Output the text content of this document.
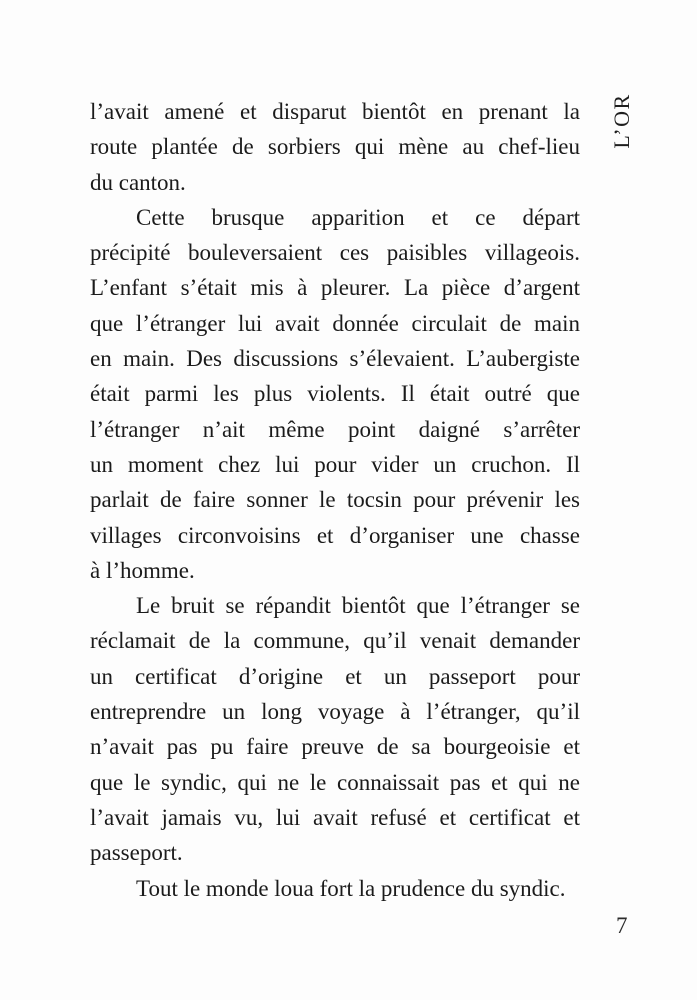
L’OR
l’avait amené et disparut bientôt en prenant la
route plantée de sorbiers qui mène au chef-lieu
du canton.
Cette brusque apparition et ce départ
précipité bouleversaient ces paisibles villageois.
L’enfant s’était mis à pleurer. La pièce d’argent
que l’étranger lui avait donnée circulait de main
en main. Des discussions s’élevaient. L’aubergiste
était parmi les plus violents. Il était outré que
l’étranger n’ait même point daigné s’arrêter
un moment chez lui pour vider un cruchon. Il
parlait de faire sonner le tocsin pour prévenir les
villages circonvoisins et d’organiser une chasse
à l’homme.
Le bruit se répandit bientôt que l’étranger se
réclamait de la commune, qu’il venait demander
un certificat d’origine et un passeport pour
entreprendre un long voyage à l’étranger, qu’il
n’avait pas pu faire preuve de sa bourgeoisie et
que le syndic, qui ne le connaissait pas et qui ne
l’avait jamais vu, lui avait refusé et certificat et
passeport.
Tout le monde loua fort la prudence du syndic.
7
